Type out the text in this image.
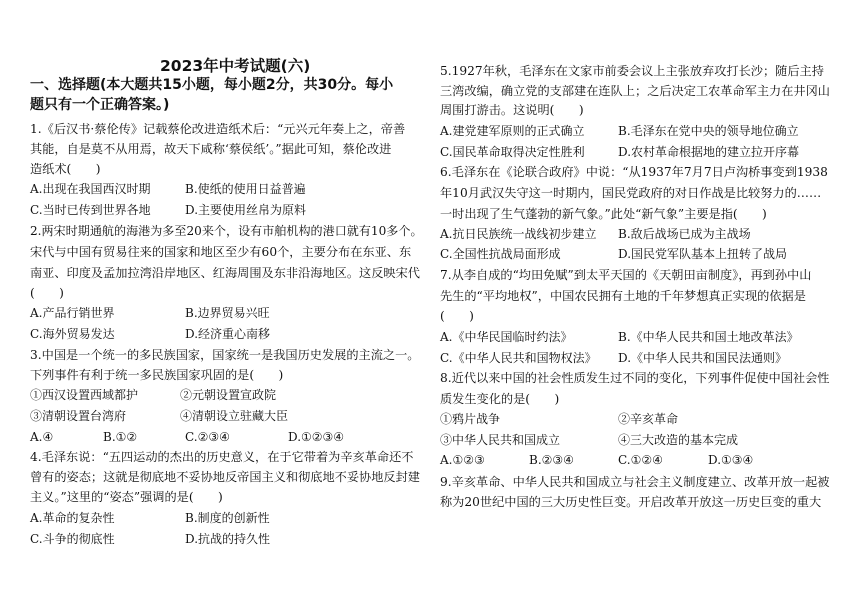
2023年中考试题(六)
一、选择题(本大题共15小题，每小题2分，共30分。每小
题只有一个正确答案。)
1.《后汉书·蔡伦传》记载蔡伦改进造纸术后：“元兴元年奏上之，帝善
其能，自是莫不从用焉，故天下咸称‘蔡侯纸’。”据此可知，蔡伦改进
造纸术(　　)
A.出现在我国西汉时期	B.使纸的使用日益普遍
C.当时已传到世界各地	D.主要使用丝帛为原料
2.两宋时期通航的海港为多至20来个，设有市舶机构的港口就有10多个。
宋代与中国有贸易往来的国家和地区至少有60个，主要分布在东亚、东
南亚、印度及孟加拉湾沿岸地区、红海周围及东非沿海地区。这反映宋代
(　　)
A.产品行销世界	B.边界贸易兴旺
C.海外贸易发达	D.经济重心南移
3.中国是一个统一的多民族国家，国家统一是我国历史发展的主流之一。
下列事件有利于统一多民族国家巩固的是(　　)
①西汉设置西域都护	②元朝设置宣政院
③清朝设置台湾府	④清朝设立驻藏大臣
A.④	B.①②	C.②③④	D.①②③④
4.毛泽东说：“五四运动的杰出的历史意义，在于它带着为辛亥革命还不
曾有的姿态；这就是彻底地不妥协地反帝国主义和彻底地不妥协地反封建
主义。”这里的“姿态”强调的是(　　)
A.革命的复杂性	B.制度的创新性
C.斗争的彻底性	D.抗战的持久性
5.1927年秋，毛泽东在文家市前委会议上主张放弃攻打长沙；随后主持
三湾改编，确立党的支部建在连队上；之后决定工农革命军主力在井冈山
周围打游击。这说明(　　)
A.建党建军原则的正式确立	B.毛泽东在党中央的领导地位确立
C.国民革命取得决定性胜利	D.农村革命根据地的建立拉开序幕
6.毛泽东在《论联合政府》中说：“从1937年7月7日卢沟桥事变到1938
年10月武汉失守这一时期内，国民党政府的对日作战是比较努力的……
一时出现了生气蓬勃的新气象。”此处“新气象”主要是指(　　)
A.抗日民族统一战线初步建立 B.敌后战场已成为主战场
C.全国性抗战局面形成	D.国民党军队基本上扭转了战局
7.从李自成的“均田免赋”到太平天国的《天朝田亩制度》，再到孙中山
先生的“平均地权”，中国农民拥有土地的千年梦想真正实现的依据是
(　　)
A.《中华民国临时约法》	B.《中华人民共和国土地改革法》
C.《中华人民共和国物权法》 D.《中华人民共和国民法通则》
8.近代以来中国的社会性质发生过不同的变化，下列事件促使中国社会性
质发生变化的是(　　)
①鸦片战争	②辛亥革命
③中华人民共和国成立	④三大改造的基本完成
A.①②③	B.②③④	C.①②④	D.①③④
9.辛亥革命、中华人民共和国成立与社会主义制度建立、改革开放一起被
称为20世纪中国的三大历史性巨变。开启改革开放这一历史巨变的重大
